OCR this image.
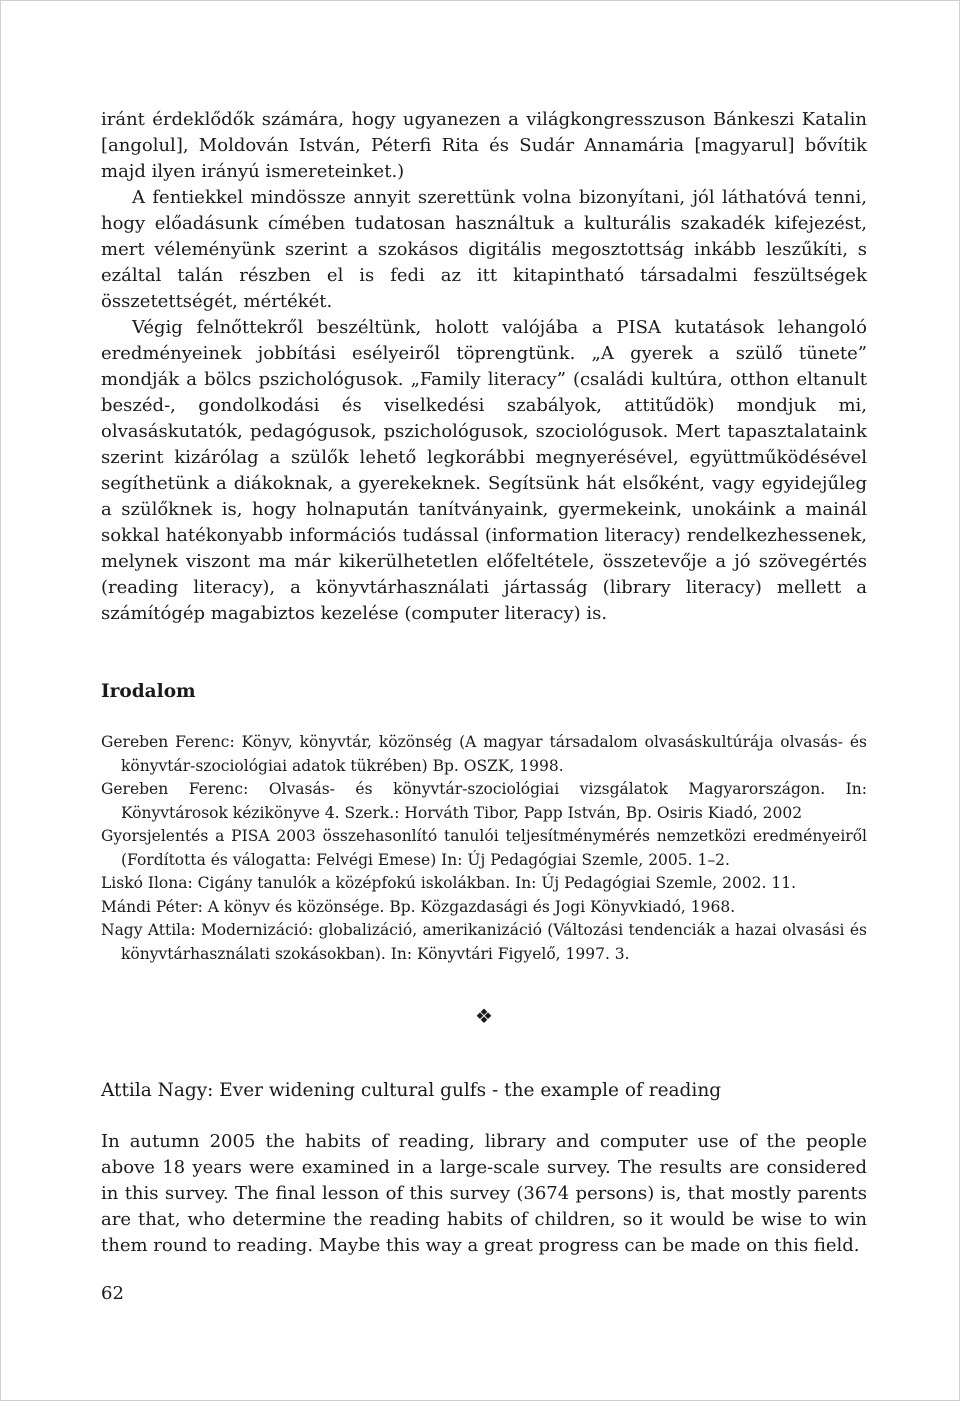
iránt érdeklődők számára, hogy ugyanezen a világkongresszuson Bánkeszi Katalin [angolul], Moldován István, Péterfi Rita és Sudár Annamária [magyarul] bővítik majd ilyen irányú ismereteinket.)

A fentiekkel mindössze annyit szerettünk volna bizonyítani, jól láthatóvá tenni, hogy előadásunk címében tudatosan használtuk a kulturális szakadék kifejezést, mert véleményünk szerint a szokásos digitális megosztottság inkább leszűkíti, s ezáltal talán részben el is fedi az itt kitapintható társadalmi feszültségek összetettségét, mértékét.

Végig felnőttekről beszéltünk, holott valójába a PISA kutatások lehangoló eredményeinek jobbítási esélyeiről töprengtünk. „A gyerek a szülő tünete” mondják a bölcs pszichológusok. „Family literacy” (családi kultúra, otthon eltanult beszéd-, gondolkodási és viselkedési szabályok, attitűdök) mondjuk mi, olvasáskutatók, pedagógusok, pszichológusok, szociológusok. Mert tapasztalataink szerint kizárólag a szülők lehető legkorábbi megnyerésével, együttműködésével segíthetünk a diákoknak, a gyerekeknek. Segítsünk hát elsőként, vagy egyidejűleg a szülőknek is, hogy holnapután tanítványaink, gyermekeink, unokáink a mainál sokkal hatékonyabb információs tudással (information literacy) rendelkezhessenek, melynek viszont ma már kikerülhetetlen előfeltétele, összetevője a jó szövegértés (reading literacy), a könyvtárhasználati jártasság (library literacy) mellett a számítógép magabiztos kezelése (computer literacy) is.

Irodalom

Gereben Ferenc: Könyv, könyvtár, közönség (A magyar társadalom olvasáskultúrája olvasás- és könyvtár-szociológiai adatok tükrében) Bp. OSZK, 1998.

Gereben Ferenc: Olvasás- és könyvtár-szociológiai vizsgálatok Magyarországon. In: Könyvtárosok kézikönyve 4. Szerk.: Horváth Tibor, Papp István, Bp. Osiris Kiadó, 2002

Gyorsjelentés a PISA 2003 összehasonlító tanulói teljesítménymérés nemzetközi eredményeiről (Fordította és válogatta: Felvégi Emese) In: Új Pedagógiai Szemle, 2005. 1–2.

Liskó Ilona: Cigány tanulók a középfokú iskolákban. In: Új Pedagógiai Szemle, 2002. 11.

Mándi Péter: A könyv és közönsége. Bp. Közgazdasági és Jogi Könyvkiadó, 1968.

Nagy Attila: Modernizáció: globalizáció, amerikanizáció (Változási tendenciák a hazai olvasási és könyvtárhasználati szokásokban). In: Könyvtári Figyelő, 1997. 3.

❖
Attila Nagy: Ever widening cultural gulfs - the example of reading

In autumn 2005 the habits of reading, library and computer use of the people above 18 years were examined in a large-scale survey. The results are considered in this survey. The final lesson of this survey (3674 persons) is, that mostly parents are that, who determine the reading habits of children, so it would be wise to win them round to reading. Maybe this way a great progress can be made on this field.

62
